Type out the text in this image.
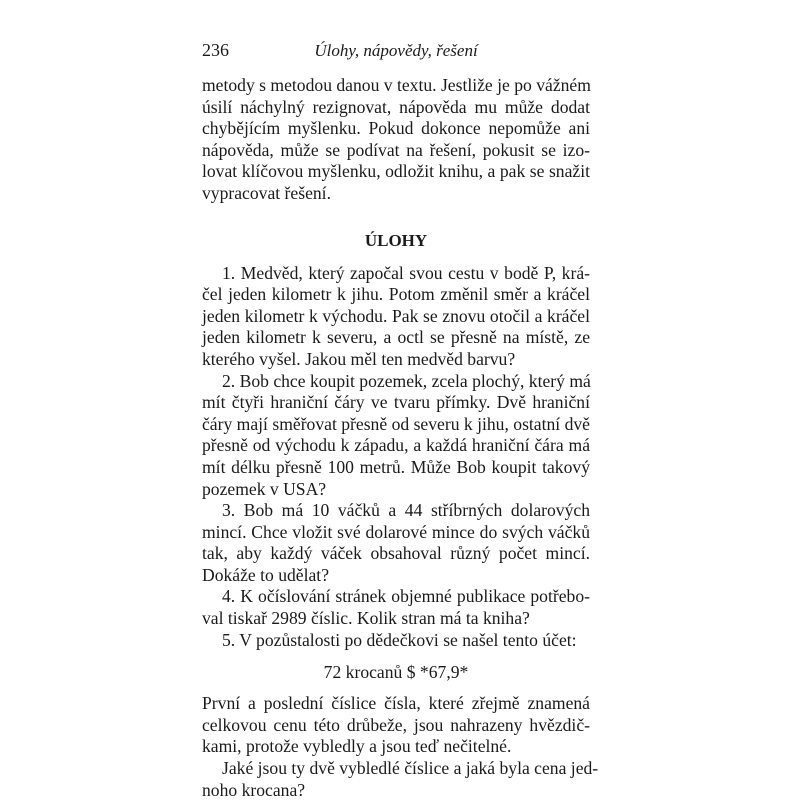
236	Úlohy, nápovědy, řešení
metody s metodou danou v textu. Jestliže je po vážném
úsilí náchylný rezignovat, nápověda mu může dodat
chybějícím myšlenku. Pokud dokonce nepomůže ani
nápověda, může se podívat na řešení, pokusit se izo-
lovat klíčovou myšlenku, odložit knihu, a pak se snažit
vypracovat řešení.
ÚLOHY
1. Medvěd, který započal svou cestu v bodě P, krá-
čel jeden kilometr k jihu. Potom změnil směr a kráčel
jeden kilometr k východu. Pak se znovu otočil a kráčel
jeden kilometr k severu, a octl se přesně na místě, ze
kterého vyšel. Jakou měl ten medvěd barvu?
2. Bob chce koupit pozemek, zcela plochý, který má
mít čtyři hraniční čáry ve tvaru přímky. Dvě hraniční
čáry mají směřovat přesně od severu k jihu, ostatní dvě
přesně od východu k západu, a každá hraniční čára má
mít délku přesně 100 metrů. Může Bob koupit takový
pozemek v USA?
3. Bob má 10 váčků a 44 stříbrných dolarových
mincí. Chce vložit své dolarové mince do svých váčků
tak, aby každý váček obsahoval různý počet mincí.
Dokáže to udělat?
4. K očíslování stránek objemné publikace potřebo-
val tiskař 2989 číslic. Kolik stran má ta kniha?
5. V pozůstalosti po dědečkovi se našel tento účet:
72 krocanů $ *67,9*
První a poslední číslice čísla, které zřejmě znamená
celkovou cenu této drůbeže, jsou nahrazeny hvězdič-
kami, protože vybledly a jsou teď nečitelné.
Jaké jsou ty dvě vybledlé číslice a jaká byla cena jed-
noho krocana?
